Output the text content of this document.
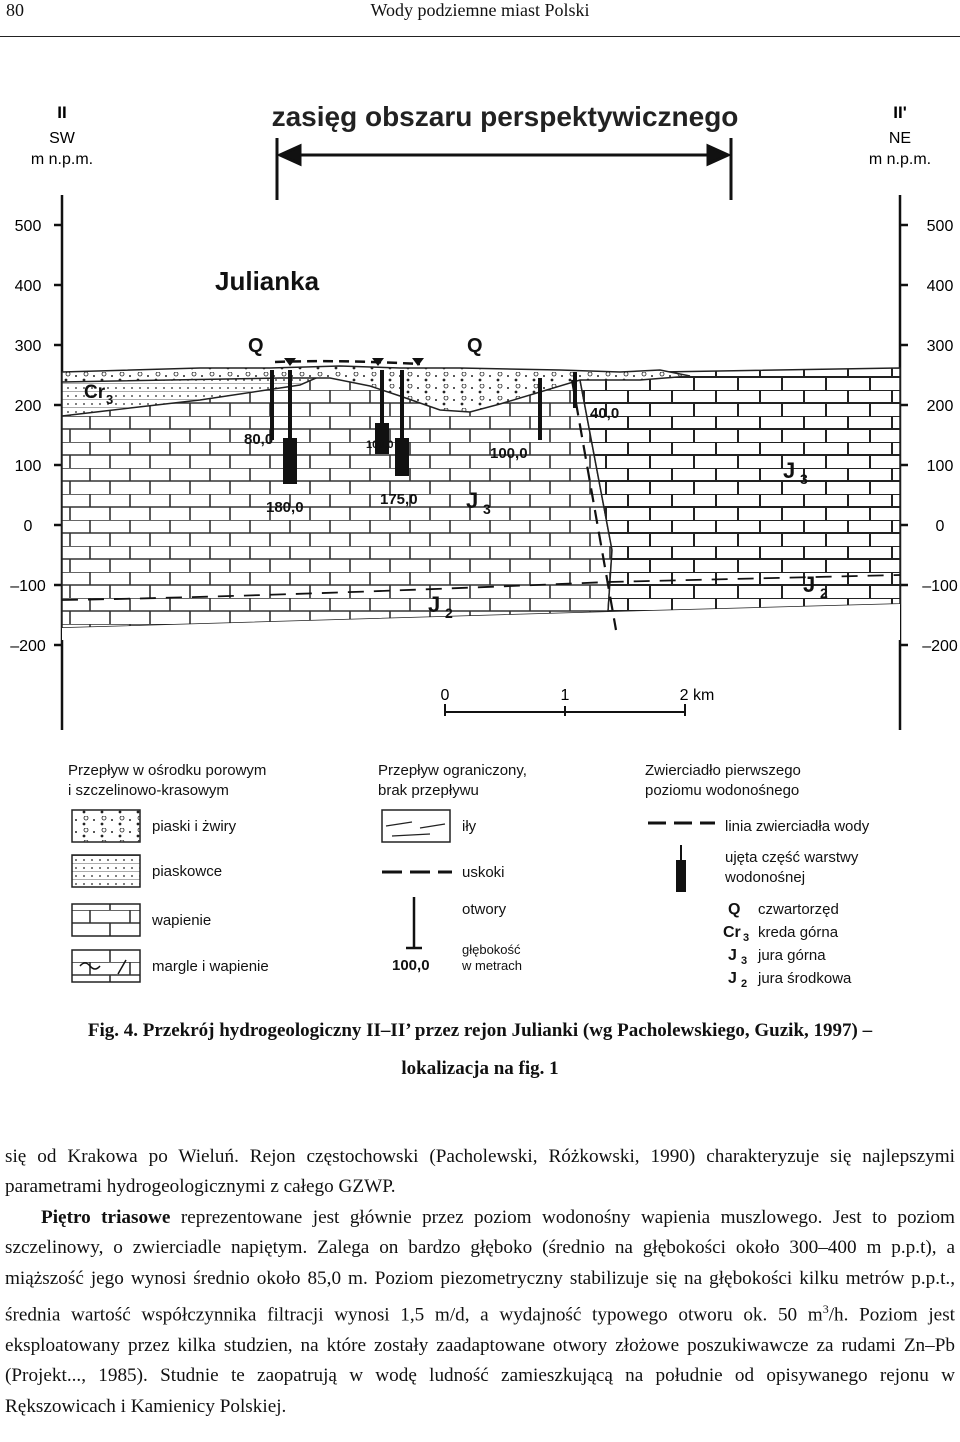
80	Wody podziemne miast Polski
II
SW
m n.p.m.
II'
NE
m n.p.m.
zasięg obszaru perspektywicznego
500
400
300
200
100
0
–100
–200
500
400
300
200
100
0
–100
–200
Julianka
Q	Q
Cr 3
J 3
J 3
J 2
J 2
80,0
180,0
100,0
175,0
100,0
40,0
0	1	2 km
Przepływ w ośrodku porowym
i szczelinowo-krasowym
piaski i żwiry
piaskowce
wapienie
margle i wapienie
Przepływ ograniczony,
brak przepływu
iły
uskoki
otwory
100,0
głębokość
w metrach
Zwierciadło pierwszego
poziomu wodonośnego
linia zwierciadła wody
ujęta część warstwy
wodonośnej
Q czwartorzęd
Cr 3 kreda górna
J 3 jura górna
J 2 jura środkowa
Fig. 4. Przekrój hydrogeologiczny II–II’ przez rejon Julianki (wg Pacholewskiego, Guzik, 1997) –
lokalizacja na fig. 1

się od Krakowa po Wieluń. Rejon częstochowski (Pacholewski, Różkowski, 1990) charakteryzuje się najlepszymi parametrami hydrogeologicznymi z całego GZWP.

Piętro triasowe reprezentowane jest głównie przez poziom wodonośny wapienia muszlowego. Jest to poziom szczelinowy, o zwierciadle napiętym. Zalega on bardzo głęboko (średnio na głębokości około 300–400 m p.p.t), a miąższość jego wynosi średnio około 85,0 m. Poziom piezometryczny stabilizuje się na głębokości kilku metrów p.p.t., średnia wartość współczynnika filtracji wynosi 1,5 m/d, a wydajność typowego otworu ok. 50 $m^3/h$. Poziom jest eksploatowany przez kilka studzien, na które zostały zaadaptowane otwory złożowe poszukiwawcze za rudami Zn–Pb (Projekt..., 1985). Studnie te zaopatrują w wodę ludność zamieszkującą na południe od opisywanego rejonu w Rększowicach i Kamienicy Polskiej.
